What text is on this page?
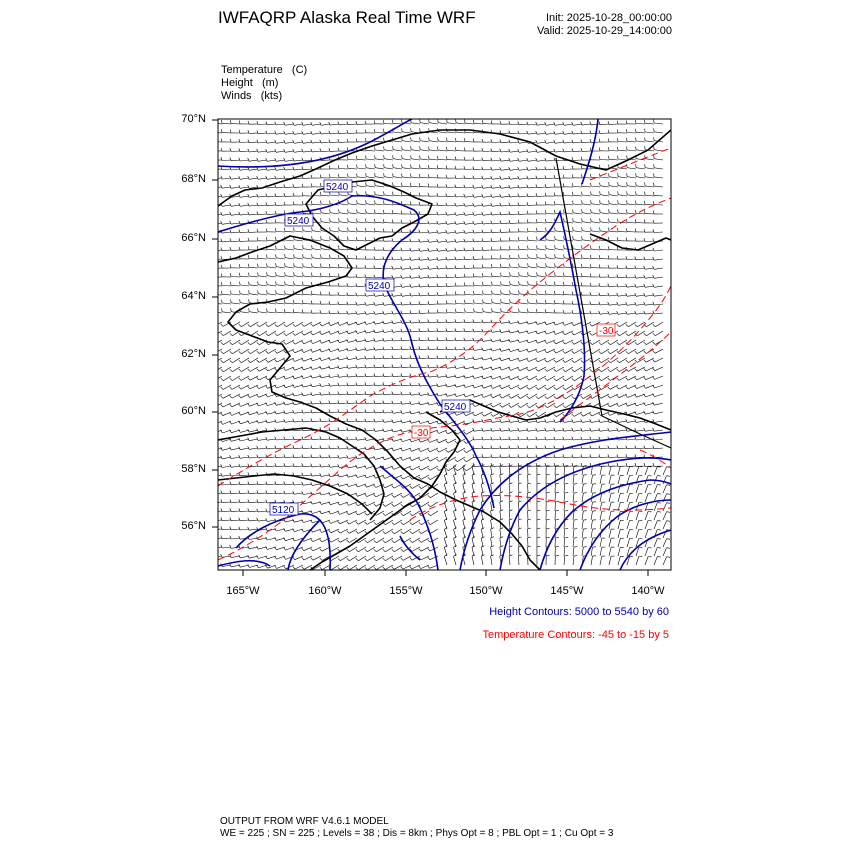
IWFAQRP Alaska Real Time WRF	Init: 2025-10-28_00:00:00
Valid: 2025-10-29_14:00:00
Temperature   (C)
Height   (m)
Winds   (kts)
5240
5240
5240
5240
5120
-30
-30
70°N
68°N
66°N
64°N
62°N
60°N
58°N
56°N
165°W	160°W	155°W	150°W	145°W	140°W
Height Contours: 5000 to 5540 by 60
Temperature Contours: -45 to -15 by 5
OUTPUT FROM WRF V4.6.1 MODEL
WE = 225 ; SN = 225 ; Levels = 38 ; Dis = 8km ; Phys Opt = 8 ; PBL Opt = 1 ; Cu Opt = 3
